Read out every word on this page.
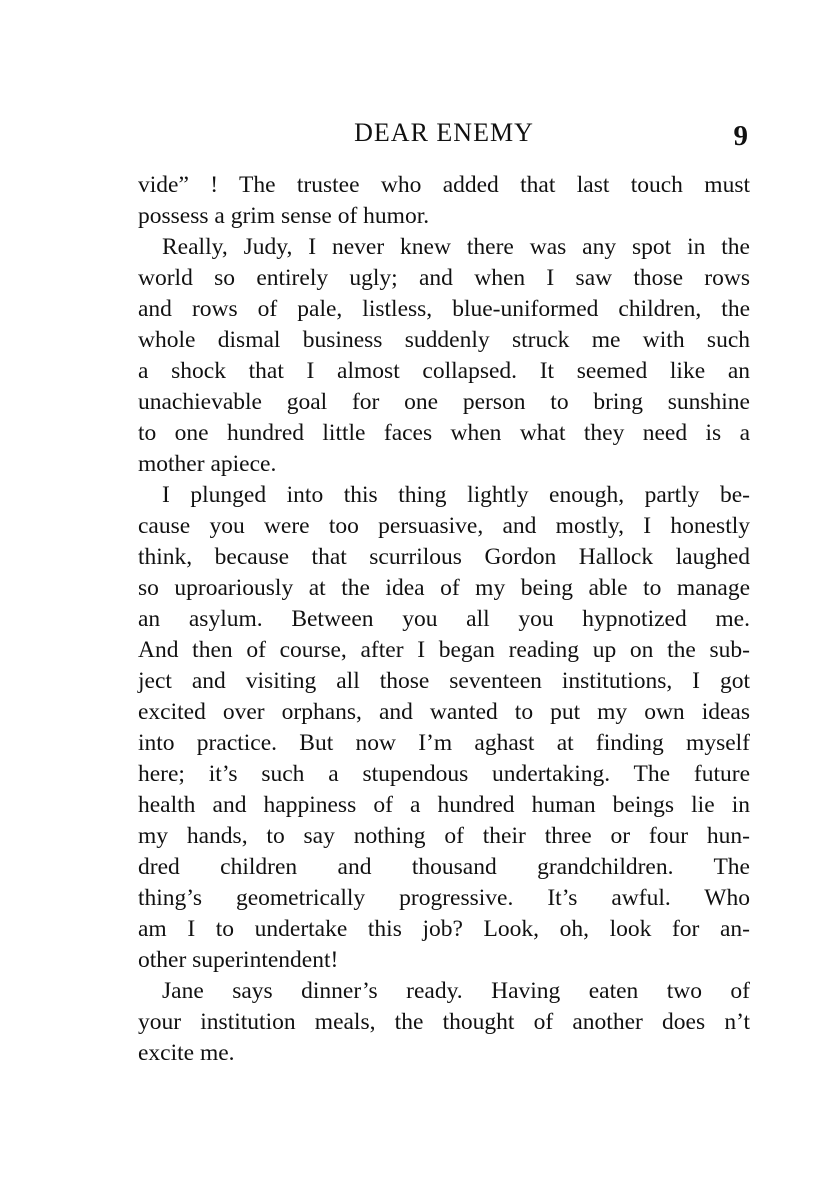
DEAR ENEMY	9
vide” ! The trustee who added that last touch must
possess a grim sense of humor.
Really, Judy, I never knew there was any spot in the
world so entirely ugly; and when I saw those rows
and rows of pale, listless, blue-uniformed children, the
whole dismal business suddenly struck me with such
a shock that I almost collapsed. It seemed like an
unachievable goal for one person to bring sunshine
to one hundred little faces when what they need is a
mother apiece.
I plunged into this thing lightly enough, partly be-
cause you were too persuasive, and mostly, I honestly
think, because that scurrilous Gordon Hallock laughed
so uproariously at the idea of my being able to manage
an asylum. Between you all you hypnotized me.
And then of course, after I began reading up on the sub-
ject and visiting all those seventeen institutions, I got
excited over orphans, and wanted to put my own ideas
into practice. But now I’m aghast at finding myself
here; it’s such a stupendous undertaking. The future
health and happiness of a hundred human beings lie in
my hands, to say nothing of their three or four hun-
dred children and thousand grandchildren. The
thing’s geometrically progressive. It’s awful. Who
am I to undertake this job? Look, oh, look for an-
other superintendent!
Jane says dinner’s ready. Having eaten two of
your institution meals, the thought of another does n’t
excite me.
